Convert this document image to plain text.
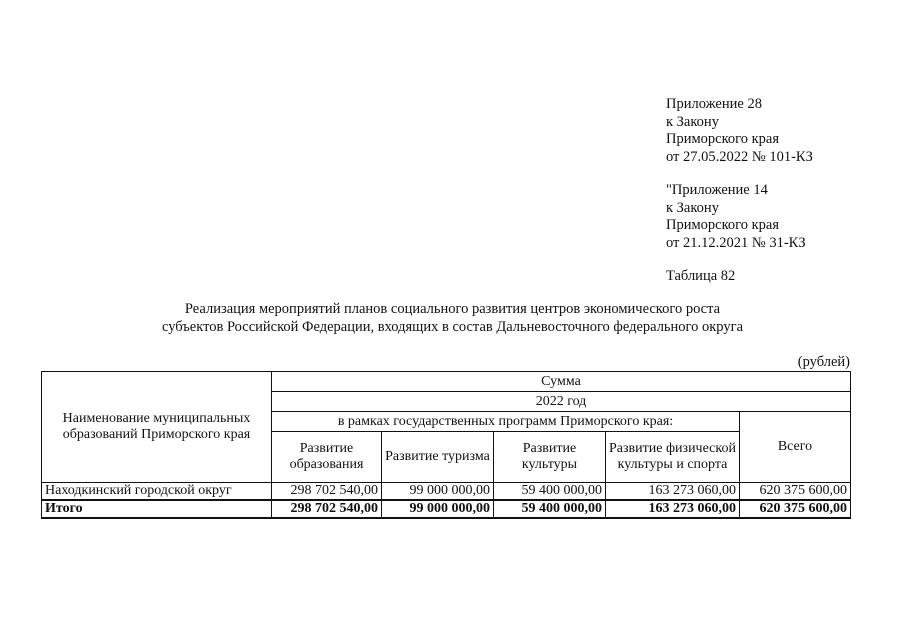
Приложение 28
к Закону
Приморского края
от 27.05.2022 № 101-КЗ
"Приложение 14
к Закону
Приморского края
от 21.12.2021 № 31-КЗ
Таблица 82
Реализация мероприятий планов социального развития центров экономического роста
субъектов Российской Федерации, входящих в состав Дальневосточного федерального округа
(рублей)
Наименование муниципальных образований Приморского края	Сумма				
	2022 год				
	в рамках государственных программ Приморского края:				Всего
	Развитие образования	Развитие туризма	Развитие культуры	Развитие физической культуры и спорта	
Находкинский городской округ	298 702 540,00	99 000 000,00	59 400 000,00	163 273 060,00	620 375 600,00
Итого	298 702 540,00	99 000 000,00	59 400 000,00	163 273 060,00	620 375 600,00
